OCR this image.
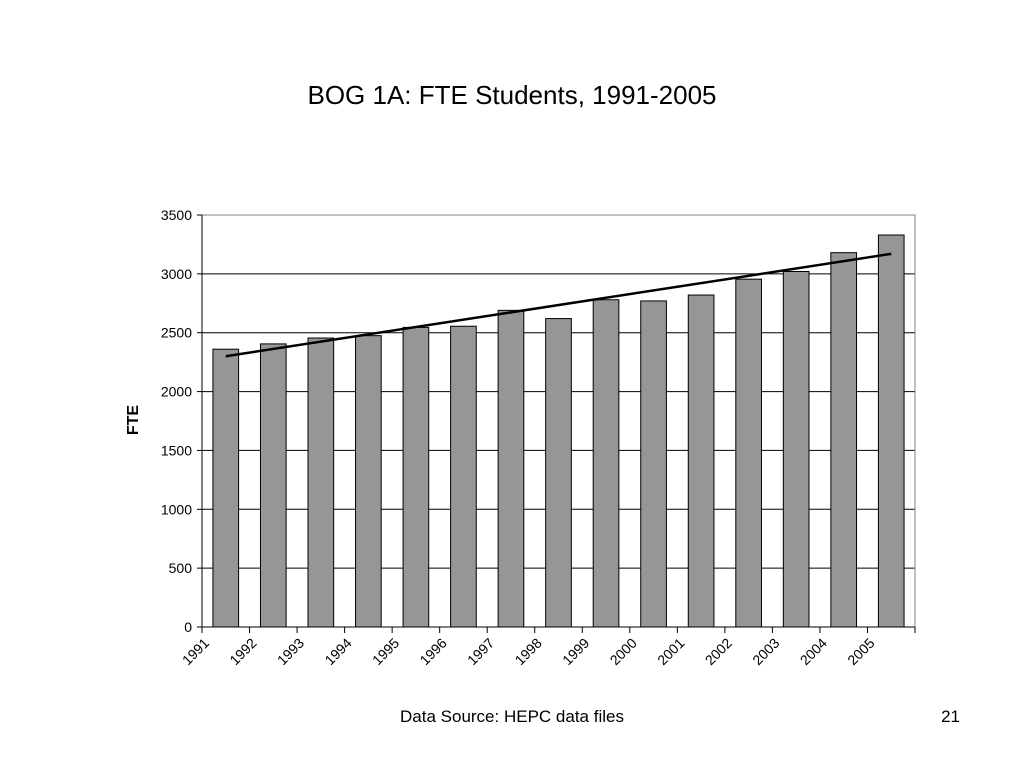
BOG 1A: FTE Students, 1991-2005
0
500
1000
1500
2000
2500
3000
3500
1991 1992 1993 1994 1995 1996 1997 1998 1999 2000 2001 2002 2003 2004 2005
FTE
Data Source: HEPC data files	21
